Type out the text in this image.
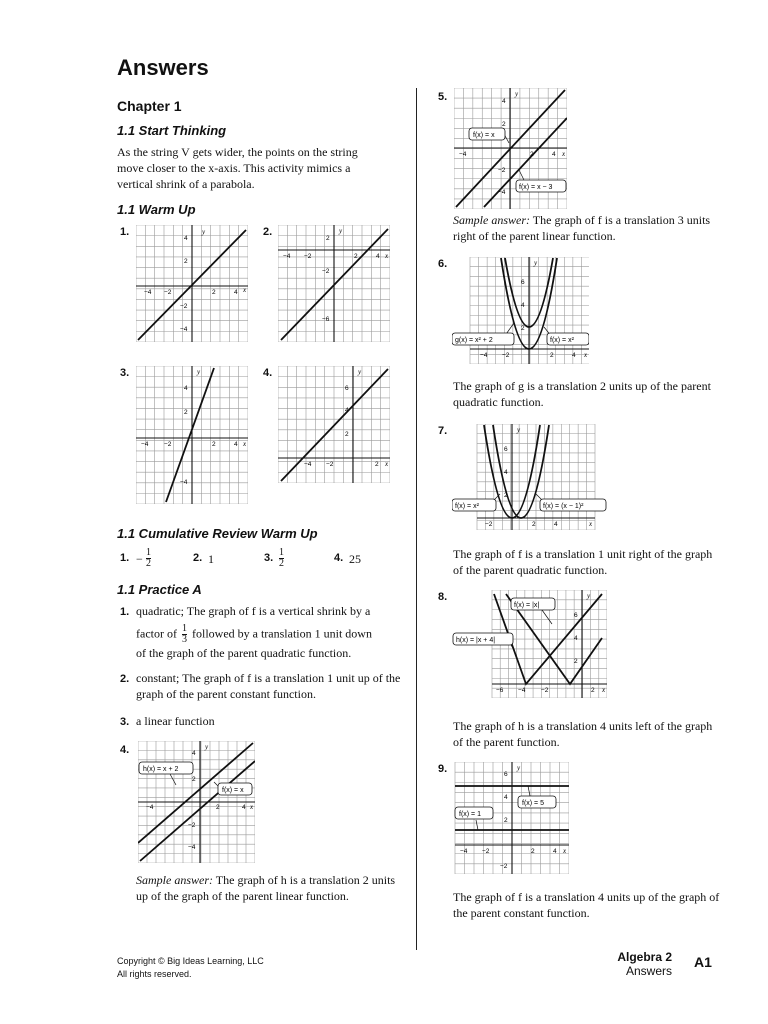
Answers
Chapter 1
1.1 Start Thinking
As the string V gets wider, the points on the string move closer to the x-axis. This activity mimics a vertical shrink of a parabola.
1.1 Warm Up
1.	y
x
−4 −2	2	4
4
2
−2
−4
2.	y
x
−4 −2	2	4
2
−2
−6
3.	y
x
−4 −2	2	4
4
2
−4
4.	y
x
−4 −2	2
6
4
2
1.1 Cumulative Review Warm Up
1. − $\frac{1}{2}$	2. 1	3. $\frac{1}{2}$	4. 25
1.1 Practice A
1. quadratic; The graph of f is a vertical shrink by a
factor of $\frac{1}{3}$ followed by a translation 1 unit down
of the graph of the parent quadratic function.
2. constant; The graph of f is a translation 1 unit up of the graph of the parent constant function.
3. a linear function
4.	y
x
−4	2	4
4
2
−2
−4
h(x) = x + 2
f(x) = x
Sample answer: The graph of h is a translation 2 units up of the graph of the parent linear function.
5.	y
x
−4	2	4
4
2
−2
−4
f(x) = x
f(x) = x − 3
Sample answer: The graph of f is a translation 3 units right of the parent linear function.
6.	y
x
−4 −2	2	4
6
4
2
g(x) = x² + 2	f(x) = x²
The graph of g is a translation 2 units up of the parent quadratic function.
7.	y
x
−2	2	4
6
4
2
f(x) = x²	f(x) = (x − 1)²
The graph of f is a translation 1 unit right of the graph of the parent quadratic function.
8.	y
x
−6 −4 −2	2
6
4
2
f(x) = |x|
h(x) = |x + 4|
The graph of h is a translation 4 units left of the graph of the parent function.
9.	y
x
−4 −2	2	4
6
4
2
−2
f(x) = 5
f(x) = 1
The graph of f is a translation 4 units up of the graph of the parent constant function.
Copyright © Big Ideas Learning, LLC
All rights reserved.
Algebra 2
Answers
A1
